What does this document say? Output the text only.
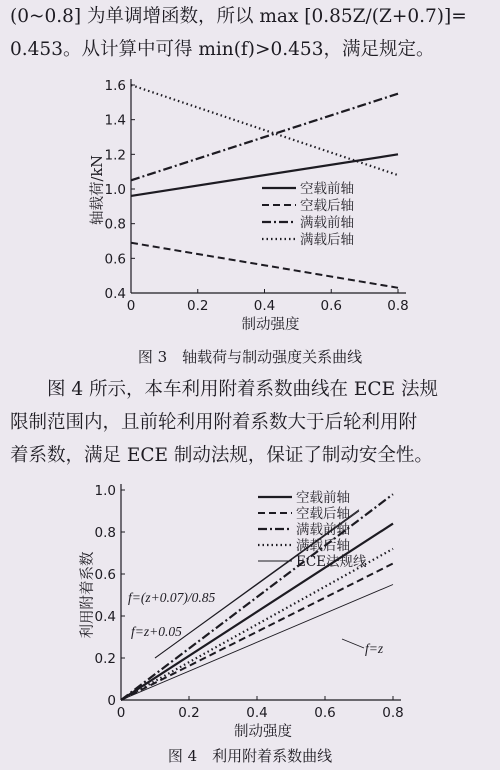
(0~0.8] 为单调增函数，所以 max [0.85Z/(Z+0.7)]=
0.453。从计算中可得 min(f)>0.453，满足规定。
0	0.2	0.4	0.6	0.8
0.4
0.6
0.8
1.0
1.2
1.4
1.6
制动强度
轴载荷/kN	空载前轴
空载后轴
满载前轴
满载后轴
图 3　轴载荷与制动强度关系曲线
图 4 所示，本车利用附着系数曲线在 ECE 法规
限制范围内，且前轮利用附着系数大于后轮利用附
着系数，满足 ECE 制动法规，保证了制动安全性。
0	0.2	0.4	0.6	0.8
0
0.2
0.4
0.6
0.8
1.0
制动强度
利用附着系数
空载前轴
空载后轴
满载前轴
满载后轴
ECE法规线
f=z
f=(z+0.07)/0.85
f=z+0.05
图 4　利用附着系数曲线
